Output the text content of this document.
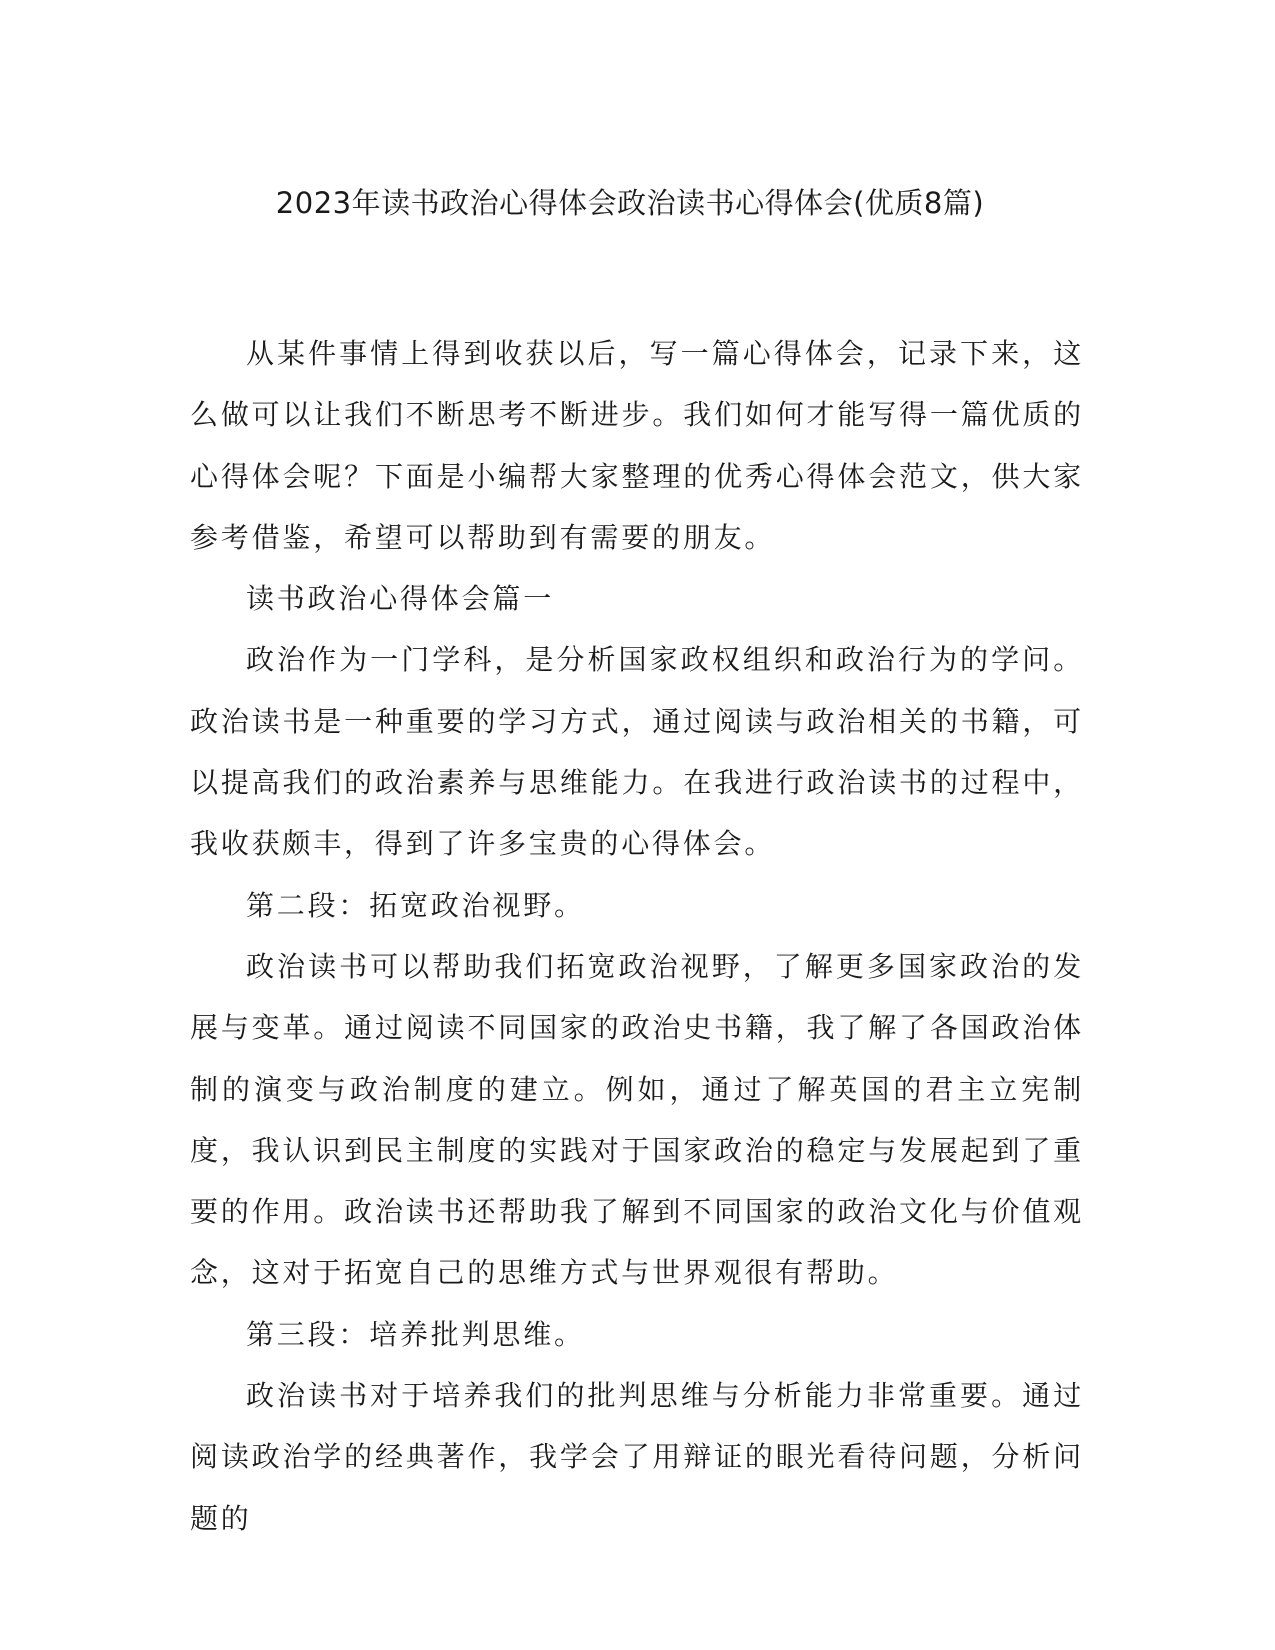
2023年读书政治心得体会政治读书心得体会(优质8篇)

从某件事情上得到收获以后，写一篇心得体会，记录下来，这么做可以让我们不断思考不断进步。我们如何才能写得一篇优质的心得体会呢？下面是小编帮大家整理的优秀心得体会范文，供大家参考借鉴，希望可以帮助到有需要的朋友。

读书政治心得体会篇一

政治作为一门学科，是分析国家政权组织和政治行为的学问。政治读书是一种重要的学习方式，通过阅读与政治相关的书籍，可以提高我们的政治素养与思维能力。在我进行政治读书的过程中，我收获颇丰，得到了许多宝贵的心得体会。

第二段：拓宽政治视野。

政治读书可以帮助我们拓宽政治视野，了解更多国家政治的发展与变革。通过阅读不同国家的政治史书籍，我了解了各国政治体制的演变与政治制度的建立。例如，通过了解英国的君主立宪制度，我认识到民主制度的实践对于国家政治的稳定与发展起到了重要的作用。政治读书还帮助我了解到不同国家的政治文化与价值观念，这对于拓宽自己的思维方式与世界观很有帮助。

第三段：培养批判思维。

政治读书对于培养我们的批判思维与分析能力非常重要。通过阅读政治学的经典著作，我学会了用辩证的眼光看待问题，分析问题的
